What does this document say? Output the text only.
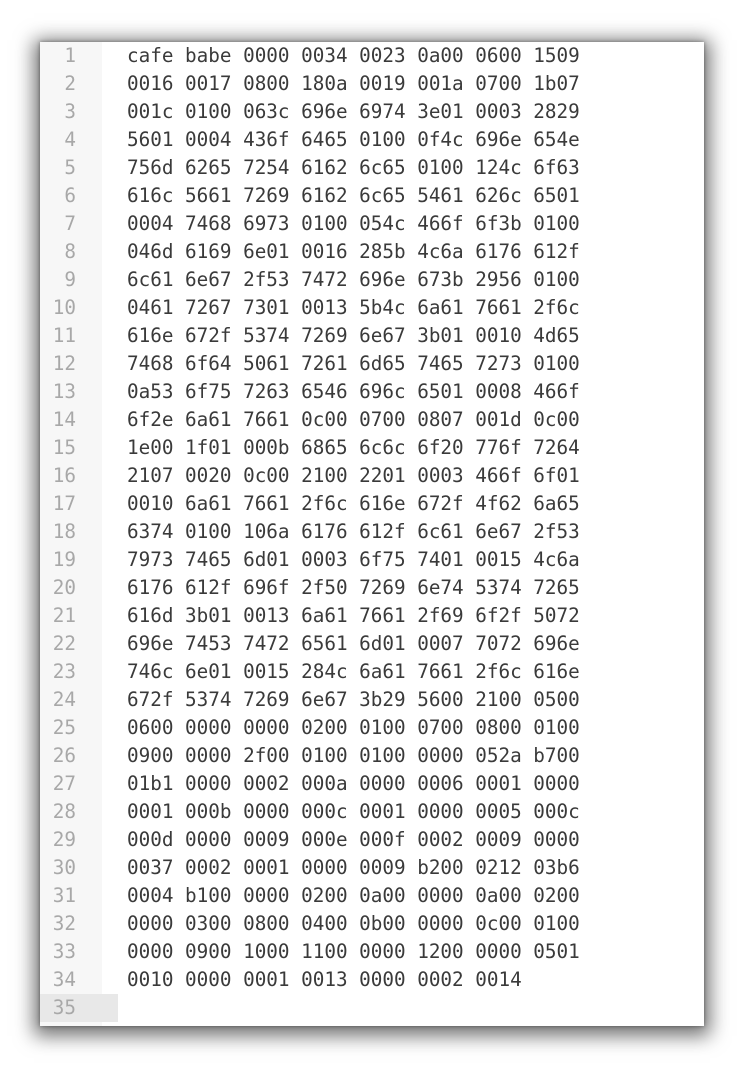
1	cafe babe 0000 0034 0023 0a00 0600 1509
2	0016 0017 0800 180a 0019 001a 0700 1b07
3	001c 0100 063c 696e 6974 3e01 0003 2829
4	5601 0004 436f 6465 0100 0f4c 696e 654e
5	756d 6265 7254 6162 6c65 0100 124c 6f63
6	616c 5661 7269 6162 6c65 5461 626c 6501
7	0004 7468 6973 0100 054c 466f 6f3b 0100
8	046d 6169 6e01 0016 285b 4c6a 6176 612f
9	6c61 6e67 2f53 7472 696e 673b 2956 0100
10	0461 7267 7301 0013 5b4c 6a61 7661 2f6c
11	616e 672f 5374 7269 6e67 3b01 0010 4d65
12	7468 6f64 5061 7261 6d65 7465 7273 0100
13	0a53 6f75 7263 6546 696c 6501 0008 466f
14	6f2e 6a61 7661 0c00 0700 0807 001d 0c00
15	1e00 1f01 000b 6865 6c6c 6f20 776f 7264
16	2107 0020 0c00 2100 2201 0003 466f 6f01
17	0010 6a61 7661 2f6c 616e 672f 4f62 6a65
18	6374 0100 106a 6176 612f 6c61 6e67 2f53
19	7973 7465 6d01 0003 6f75 7401 0015 4c6a
20	6176 612f 696f 2f50 7269 6e74 5374 7265
21	616d 3b01 0013 6a61 7661 2f69 6f2f 5072
22	696e 7453 7472 6561 6d01 0007 7072 696e
23	746c 6e01 0015 284c 6a61 7661 2f6c 616e
24	672f 5374 7269 6e67 3b29 5600 2100 0500
25	0600 0000 0000 0200 0100 0700 0800 0100
26	0900 0000 2f00 0100 0100 0000 052a b700
27	01b1 0000 0002 000a 0000 0006 0001 0000
28	0001 000b 0000 000c 0001 0000 0005 000c
29	000d 0000 0009 000e 000f 0002 0009 0000
30	0037 0002 0001 0000 0009 b200 0212 03b6
31	0004 b100 0000 0200 0a00 0000 0a00 0200
32	0000 0300 0800 0400 0b00 0000 0c00 0100
33	0000 0900 1000 1100 0000 1200 0000 0501
34	0010 0000 0001 0013 0000 0002 0014
35
